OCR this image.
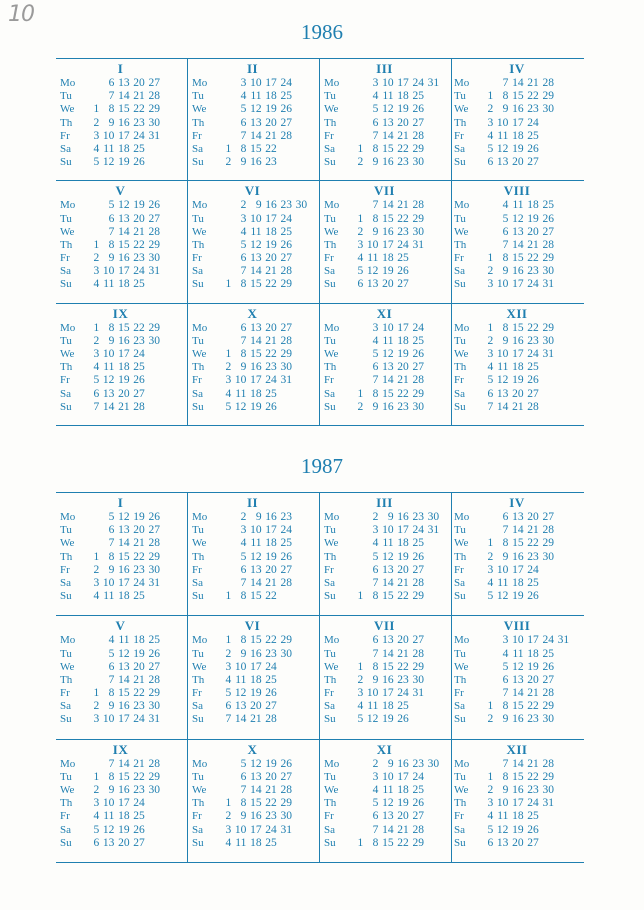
10
1986
I
Mo	6 13 20 27
Tu	7 14 21 28
We	1 8 15 22 29
Th	2 9 16 23 30
Fr	3 10 17 24 31
Sa	4 11 18 25
Su	5 12 19 26
II
Mo	3 10 17 24
Tu	4 11 18 25
We	5 12 19 26
Th	6 13 20 27
Fr	7 14 21 28
Sa	1 8 15 22
Su	2 9 16 23
III
Mo	3 10 17 24 31
Tu	4 11 18 25
We	5 12 19 26
Th	6 13 20 27
Fr	7 14 21 28
Sa	1 8 15 22 29
Su	2 9 16 23 30
IV
Mo	7 14 21 28
Tu	1 8 15 22 29
We	2 9 16 23 30
Th	3 10 17 24
Fr	4 11 18 25
Sa	5 12 19 26
Su	6 13 20 27
V
Mo	5 12 19 26
Tu	6 13 20 27
We	7 14 21 28
Th	1 8 15 22 29
Fr	2 9 16 23 30
Sa	3 10 17 24 31
Su	4 11 18 25
VI
Mo	2 9 16 23 30
Tu	3 10 17 24
We	4 11 18 25
Th	5 12 19 26
Fr	6 13 20 27
Sa	7 14 21 28
Su	1 8 15 22 29
VII
Mo	7 14 21 28
Tu	1 8 15 22 29
We	2 9 16 23 30
Th	3 10 17 24 31
Fr	4 11 18 25
Sa	5 12 19 26
Su	6 13 20 27
VIII
Mo	4 11 18 25
Tu	5 12 19 26
We	6 13 20 27
Th	7 14 21 28
Fr	1 8 15 22 29
Sa	2 9 16 23 30
Su	3 10 17 24 31
IX
Mo	1 8 15 22 29
Tu	2 9 16 23 30
We	3 10 17 24
Th	4 11 18 25
Fr	5 12 19 26
Sa	6 13 20 27
Su	7 14 21 28
X
Mo	6 13 20 27
Tu	7 14 21 28
We	1 8 15 22 29
Th	2 9 16 23 30
Fr	3 10 17 24 31
Sa	4 11 18 25
Su	5 12 19 26
XI
Mo	3 10 17 24
Tu	4 11 18 25
We	5 12 19 26
Th	6 13 20 27
Fr	7 14 21 28
Sa	1 8 15 22 29
Su	2 9 16 23 30
XII
Mo	1 8 15 22 29
Tu	2 9 16 23 30
We	3 10 17 24 31
Th	4 11 18 25
Fr	5 12 19 26
Sa	6 13 20 27
Su	7 14 21 28
1987
I
Mo	5 12 19 26
Tu	6 13 20 27
We	7 14 21 28
Th	1 8 15 22 29
Fr	2 9 16 23 30
Sa	3 10 17 24 31
Su	4 11 18 25
II
Mo	2 9 16 23
Tu	3 10 17 24
We	4 11 18 25
Th	5 12 19 26
Fr	6 13 20 27
Sa	7 14 21 28
Su	1 8 15 22
III
Mo	2 9 16 23 30
Tu	3 10 17 24 31
We	4 11 18 25
Th	5 12 19 26
Fr	6 13 20 27
Sa	7 14 21 28
Su	1 8 15 22 29
IV
Mo	6 13 20 27
Tu	7 14 21 28
We	1 8 15 22 29
Th	2 9 16 23 30
Fr	3 10 17 24
Sa	4 11 18 25
Su	5 12 19 26
V
Mo	4 11 18 25
Tu	5 12 19 26
We	6 13 20 27
Th	7 14 21 28
Fr	1 8 15 22 29
Sa	2 9 16 23 30
Su	3 10 17 24 31
VI
Mo	1 8 15 22 29
Tu	2 9 16 23 30
We	3 10 17 24
Th	4 11 18 25
Fr	5 12 19 26
Sa	6 13 20 27
Su	7 14 21 28
VII
Mo	6 13 20 27
Tu	7 14 21 28
We	1 8 15 22 29
Th	2 9 16 23 30
Fr	3 10 17 24 31
Sa	4 11 18 25
Su	5 12 19 26
VIII
Mo	3 10 17 24 31
Tu	4 11 18 25
We	5 12 19 26
Th	6 13 20 27
Fr	7 14 21 28
Sa	1 8 15 22 29
Su	2 9 16 23 30
IX
Mo	7 14 21 28
Tu	1 8 15 22 29
We	2 9 16 23 30
Th	3 10 17 24
Fr	4 11 18 25
Sa	5 12 19 26
Su	6 13 20 27
X
Mo	5 12 19 26
Tu	6 13 20 27
We	7 14 21 28
Th	1 8 15 22 29
Fr	2 9 16 23 30
Sa	3 10 17 24 31
Su	4 11 18 25
XI
Mo	2 9 16 23 30
Tu	3 10 17 24
We	4 11 18 25
Th	5 12 19 26
Fr	6 13 20 27
Sa	7 14 21 28
Su	1 8 15 22 29
XII
Mo	7 14 21 28
Tu	1 8 15 22 29
We	2 9 16 23 30
Th	3 10 17 24 31
Fr	4 11 18 25
Sa	5 12 19 26
Su	6 13 20 27
